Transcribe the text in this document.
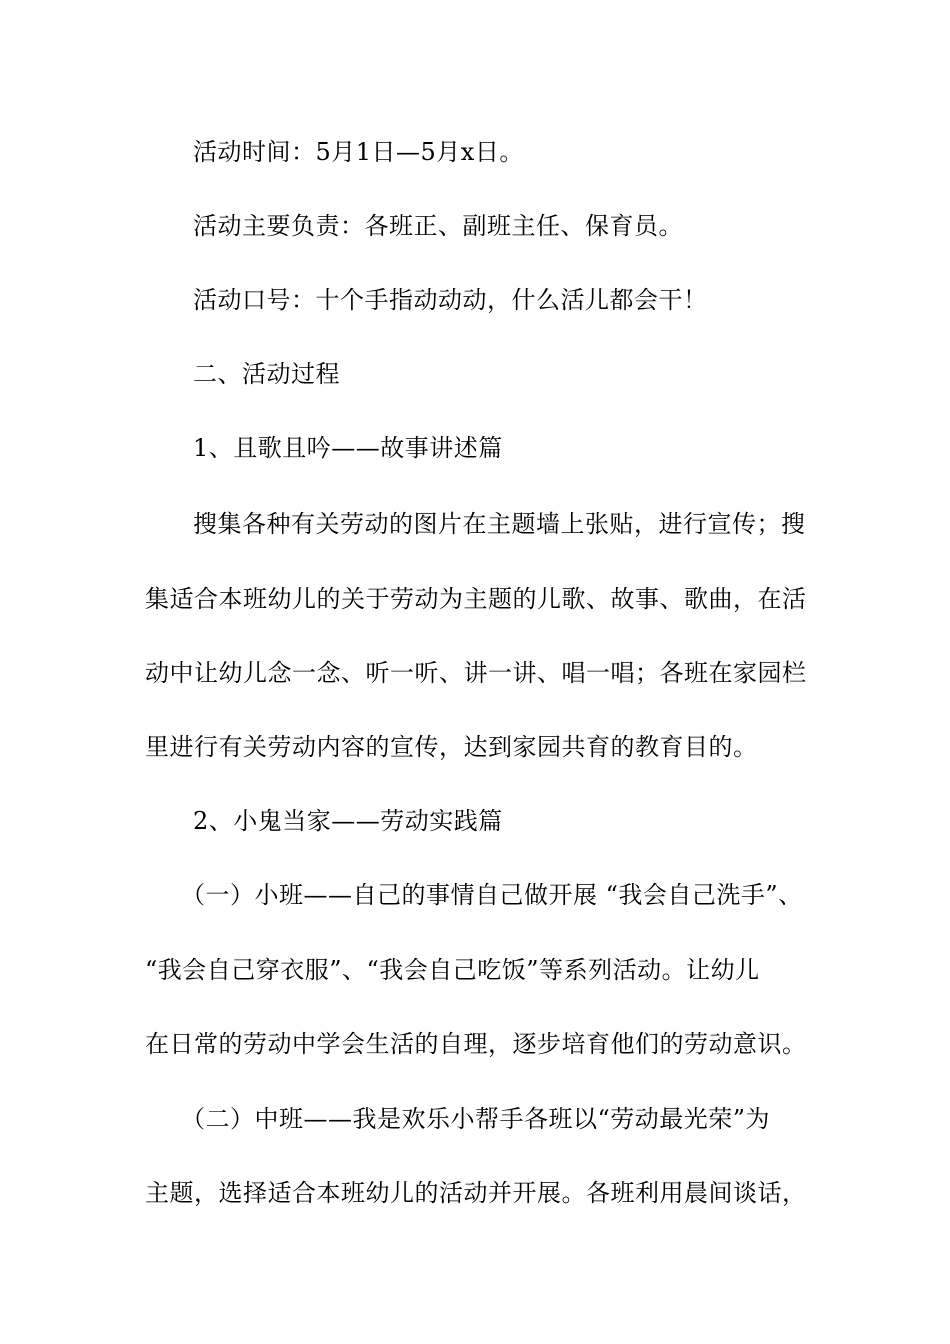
活动时间：5月1日—5月x日。
活动主要负责：各班正、副班主任、保育员。
活动口号：十个手指动动动，什么活儿都会干！
二、活动过程
1、且歌且吟——故事讲述篇
搜集各种有关劳动的图片在主题墙上张贴，进行宣传；搜
集适合本班幼儿的关于劳动为主题的儿歌、故事、歌曲，在活
动中让幼儿念一念、听一听、讲一讲、唱一唱；各班在家园栏
里进行有关劳动内容的宣传，达到家园共育的教育目的。
2、小鬼当家——劳动实践篇
（一）小班——自己的事情自己做开展 “我会自己洗手”、
“我会自己穿衣服”、“我会自己吃饭”等系列活动。让幼儿
在日常的劳动中学会生活的自理，逐步培育他们的劳动意识。
（二）中班——我是欢乐小帮手各班以“劳动最光荣”为
主题，选择适合本班幼儿的活动并开展。各班利用晨间谈话，
